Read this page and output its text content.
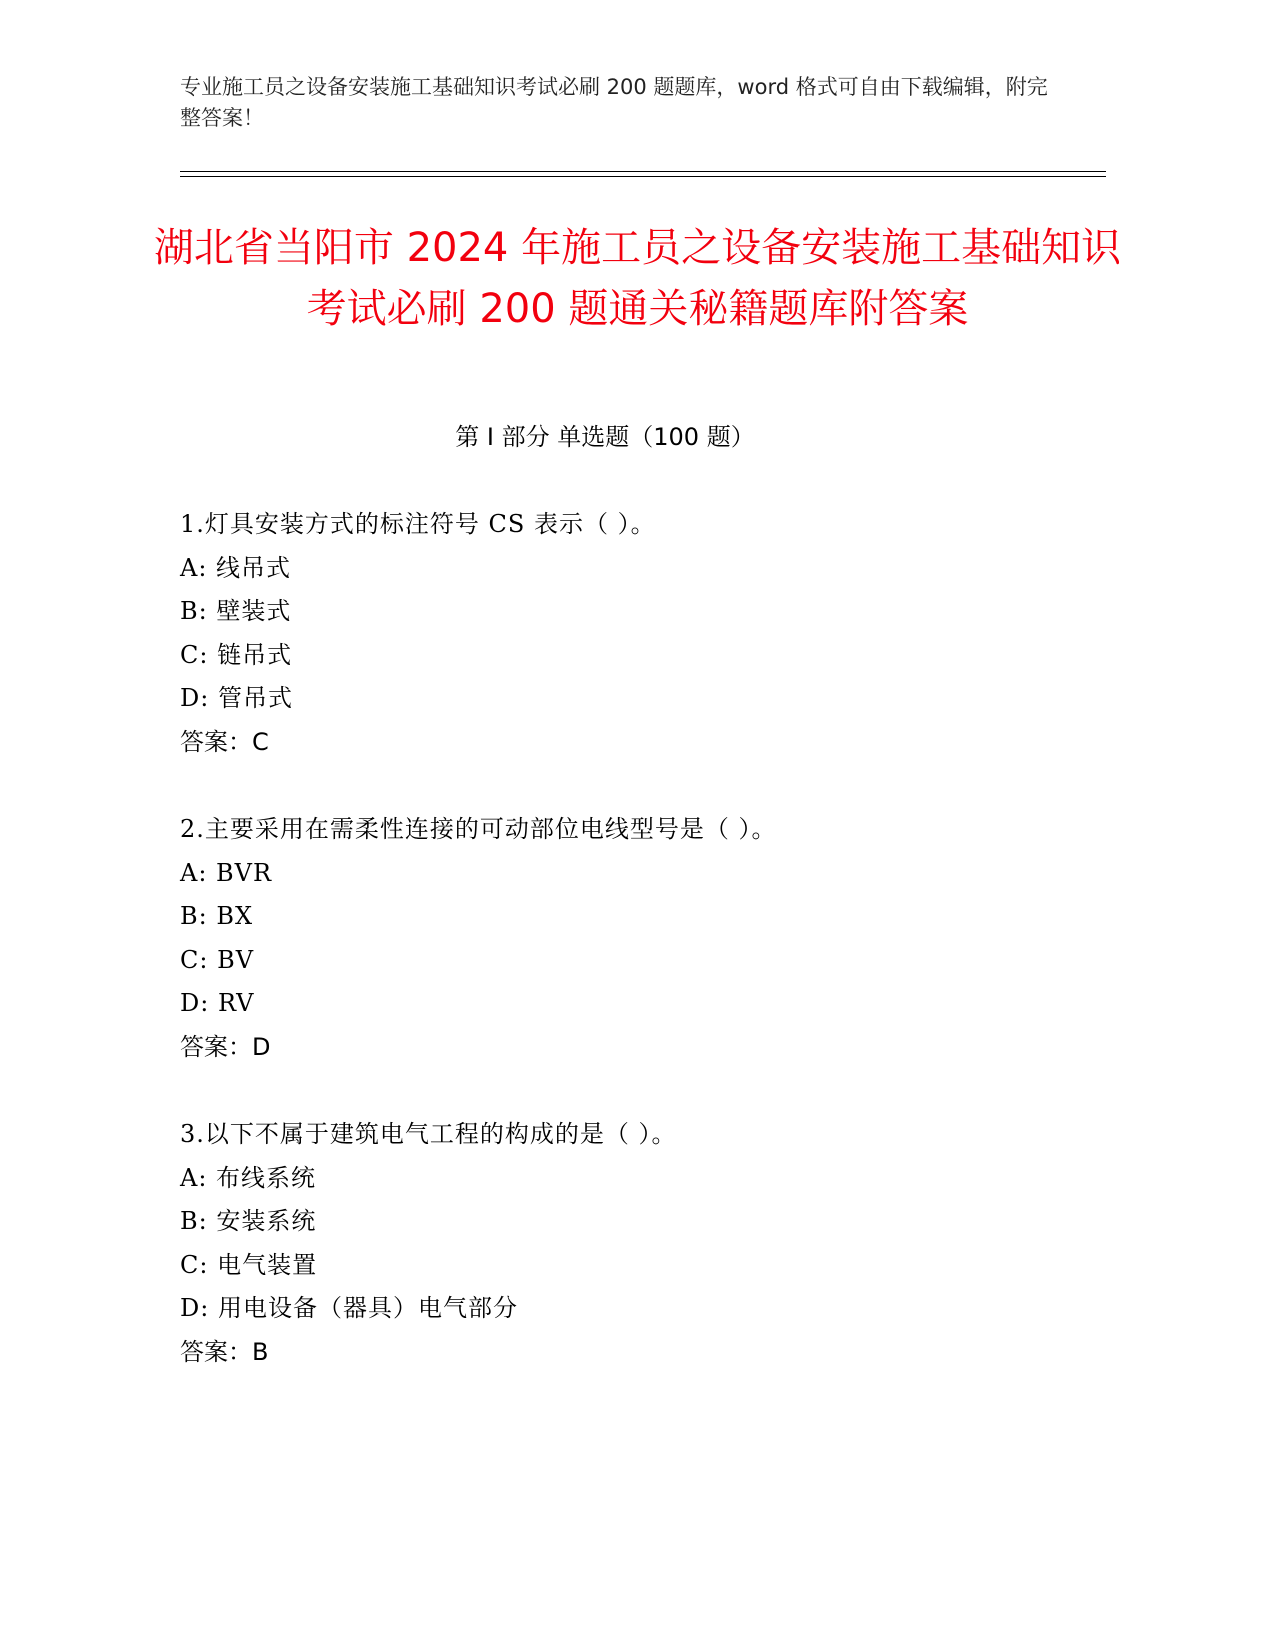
专业施工员之设备安装施工基础知识考试必刷 200 题题库，word 格式可自由下载编辑，附完整答案！
湖北省当阳市 2024 年施工员之设备安装施工基础知识考试必刷 200 题通关秘籍题库附答案
第 I 部分 单选题（100 题）
1.灯具安装方式的标注符号 CS 表示（ ）。
A: 线吊式
B: 壁装式
C: 链吊式
D: 管吊式
答案：C
2.主要采用在需柔性连接的可动部位电线型号是（ ）。
A: BVR
B: BX
C: BV
D: RV
答案：D
3.以下不属于建筑电气工程的构成的是（ ）。
A: 布线系统
B: 安装系统
C: 电气装置
D: 用电设备（器具）电气部分
答案：B
